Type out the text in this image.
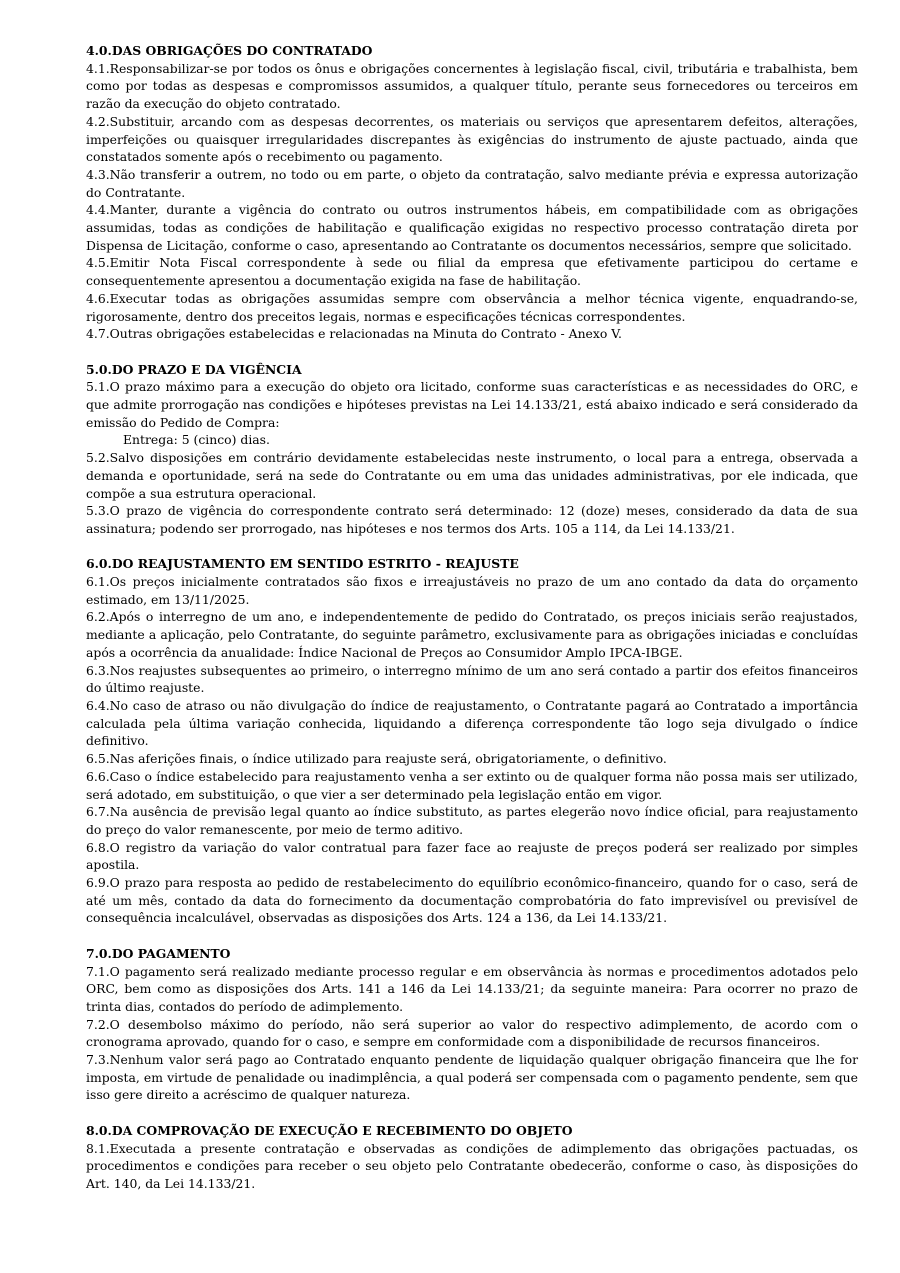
4.0.DAS OBRIGAÇÕES DO CONTRATADO

4.1.Responsabilizar-se por todos os ônus e obrigações concernentes à legislação fiscal, civil, tributária e trabalhista, bem como por todas as despesas e compromissos assumidos, a qualquer título, perante seus fornecedores ou terceiros em razão da execução do objeto contratado.

4.2.Substituir, arcando com as despesas decorrentes, os materiais ou serviços que apresentarem defeitos, alterações, imperfeições ou quaisquer irregularidades discrepantes às exigências do instrumento de ajuste pactuado, ainda que constatados somente após o recebimento ou pagamento.

4.3.Não transferir a outrem, no todo ou em parte, o objeto da contratação, salvo mediante prévia e expressa autorização do Contratante.

4.4.Manter, durante a vigência do contrato ou outros instrumentos hábeis, em compatibilidade com as obrigações assumidas, todas as condições de habilitação e qualificação exigidas no respectivo processo contratação direta por Dispensa de Licitação, conforme o caso, apresentando ao Contratante os documentos necessários, sempre que solicitado.

4.5.Emitir Nota Fiscal correspondente à sede ou filial da empresa que efetivamente participou do certame e consequentemente apresentou a documentação exigida na fase de habilitação.

4.6.Executar todas as obrigações assumidas sempre com observância a melhor técnica vigente, enquadrando-se, rigorosamente, dentro dos preceitos legais, normas e especificações técnicas correspondentes.

4.7.Outras obrigações estabelecidas e relacionadas na Minuta do Contrato - Anexo V.

5.0.DO PRAZO E DA VIGÊNCIA

5.1.O prazo máximo para a execução do objeto ora licitado, conforme suas características e as necessidades do ORC, e que admite prorrogação nas condições e hipóteses previstas na Lei 14.133/21, está abaixo indicado e será considerado da emissão do Pedido de Compra:

Entrega: 5 (cinco) dias.

5.2.Salvo disposições em contrário devidamente estabelecidas neste instrumento, o local para a entrega, observada a demanda e oportunidade, será na sede do Contratante ou em uma das unidades administrativas, por ele indicada, que compõe a sua estrutura operacional.

5.3.O prazo de vigência do correspondente contrato será determinado: 12 (doze) meses, considerado da data de sua assinatura; podendo ser prorrogado, nas hipóteses e nos termos dos Arts. 105 a 114, da Lei 14.133/21.

6.0.DO REAJUSTAMENTO EM SENTIDO ESTRITO - REAJUSTE

6.1.Os preços inicialmente contratados são fixos e irreajustáveis no prazo de um ano contado da data do orçamento estimado, em 13/11/2025.

6.2.Após o interregno de um ano, e independentemente de pedido do Contratado, os preços iniciais serão reajustados, mediante a aplicação, pelo Contratante, do seguinte parâmetro, exclusivamente para as obrigações iniciadas e concluídas após a ocorrência da anualidade: Índice Nacional de Preços ao Consumidor Amplo IPCA-IBGE.

6.3.Nos reajustes subsequentes ao primeiro, o interregno mínimo de um ano será contado a partir dos efeitos financeiros do último reajuste.

6.4.No caso de atraso ou não divulgação do índice de reajustamento, o Contratante pagará ao Contratado a importância calculada pela última variação conhecida, liquidando a diferença correspondente tão logo seja divulgado o índice definitivo.

6.5.Nas aferições finais, o índice utilizado para reajuste será, obrigatoriamente, o definitivo.

6.6.Caso o índice estabelecido para reajustamento venha a ser extinto ou de qualquer forma não possa mais ser utilizado, será adotado, em substituição, o que vier a ser determinado pela legislação então em vigor.

6.7.Na ausência de previsão legal quanto ao índice substituto, as partes elegerão novo índice oficial, para reajustamento do preço do valor remanescente, por meio de termo aditivo.

6.8.O registro da variação do valor contratual para fazer face ao reajuste de preços poderá ser realizado por simples apostila.

6.9.O prazo para resposta ao pedido de restabelecimento do equilíbrio econômico-financeiro, quando for o caso, será de até um mês, contado da data do fornecimento da documentação comprobatória do fato imprevisível ou previsível de consequência incalculável, observadas as disposições dos Arts. 124 a 136, da Lei 14.133/21.

7.0.DO PAGAMENTO

7.1.O pagamento será realizado mediante processo regular e em observância às normas e procedimentos adotados pelo ORC, bem como as disposições dos Arts. 141 a 146 da Lei 14.133/21; da seguinte maneira: Para ocorrer no prazo de trinta dias, contados do período de adimplemento.

7.2.O desembolso máximo do período, não será superior ao valor do respectivo adimplemento, de acordo com o cronograma aprovado, quando for o caso, e sempre em conformidade com a disponibilidade de recursos financeiros.

7.3.Nenhum valor será pago ao Contratado enquanto pendente de liquidação qualquer obrigação financeira que lhe for imposta, em virtude de penalidade ou inadimplência, a qual poderá ser compensada com o pagamento pendente, sem que isso gere direito a acréscimo de qualquer natureza.

8.0.DA COMPROVAÇÃO DE EXECUÇÃO E RECEBIMENTO DO OBJETO

8.1.Executada a presente contratação e observadas as condições de adimplemento das obrigações pactuadas, os procedimentos e condições para receber o seu objeto pelo Contratante obedecerão, conforme o caso, às disposições do Art. 140, da Lei 14.133/21.
